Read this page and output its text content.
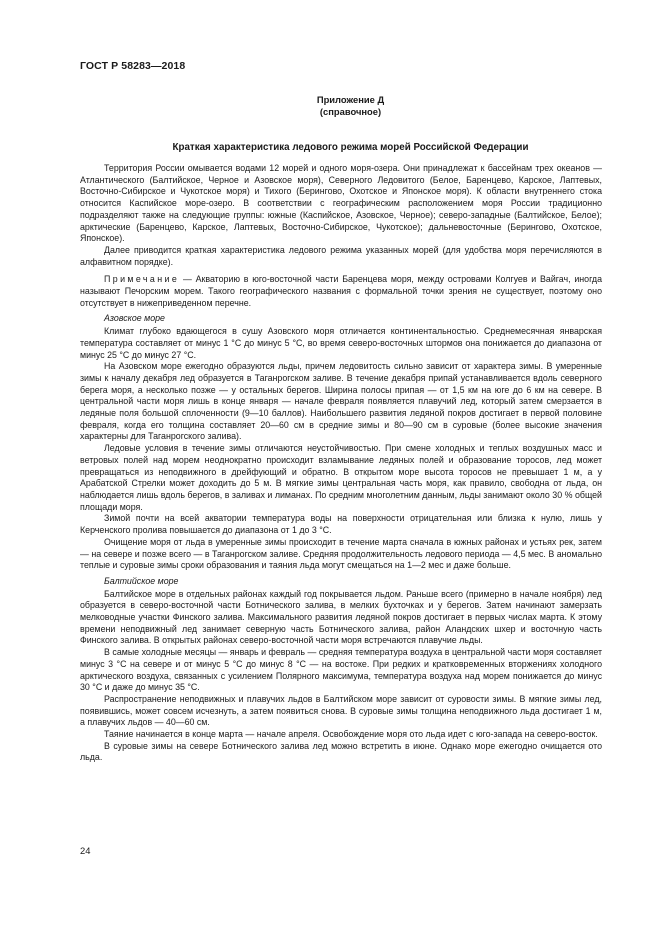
ГОСТ Р 58283—2018
Приложение Д
(справочное)
Краткая характеристика ледового режима морей Российской Федерации

Территория России омывается водами 12 морей и одного моря-озера. Они принадлежат к бассейнам трех океанов — Атлантического (Балтийское, Черное и Азовское моря), Северного Ледовитого (Белое, Баренцево, Карское, Лаптевых, Восточно-Сибирское и Чукотское моря) и Тихого (Берингово, Охотское и Японское моря). К области внутреннего стока относится Каспийское море-озеро. В соответствии с географическим расположением моря России традиционно подразделяют также на следующие группы: южные (Каспийское, Азовское, Черное); северо-западные (Балтийское, Белое); арктические (Баренцево, Карское, Лаптевых, Восточно-Сибирское, Чукотское); дальневосточные (Берингово, Охотское, Японское).

Далее приводится краткая характеристика ледового режима указанных морей (для удобства моря перечисляются в алфавитном порядке).

Примечание — Акваторию в юго-восточной части Баренцева моря, между островами Колгуев и Вайгач, иногда называют Печорским морем. Такого географического названия с формальной точки зрения не существует, поэтому оно отсутствует в нижеприведенном перечне.

Азовское море

Климат глубоко вдающегося в сушу Азовского моря отличается континентальностью. Среднемесячная январская температура составляет от минус 1 °С до минус 5 °С, во время северо-восточных штормов она понижается до диапазона от минус 25 °С до минус 27 °С.

На Азовском море ежегодно образуются льды, причем ледовитость сильно зависит от характера зимы. В умеренные зимы к началу декабря лед образуется в Таганрогском заливе. В течение декабря припай устанавливается вдоль северного берега моря, а несколько позже — у остальных берегов. Ширина полосы припая — от 1,5 км на юге до 6 км на севере. В центральной части моря лишь в конце января — начале февраля появляется плавучий лед, который затем смерзается в ледяные поля большой сплоченности (9—10 баллов). Наибольшего развития ледяной покров достигает в первой половине февраля, когда его толщина составляет 20—60 см в средние зимы и 80—90 см в суровые (более высокие значения характерны для Таганрогского залива).

Ледовые условия в течение зимы отличаются неустойчивостью. При смене холодных и теплых воздушных масс и ветровых полей над морем неоднократно происходит взламывание ледяных полей и образование торосов, лед может превращаться из неподвижного в дрейфующий и обратно. В открытом море высота торосов не превышает 1 м, а у Арабатской Стрелки может доходить до 5 м. В мягкие зимы центральная часть моря, как правило, свободна от льда, он наблюдается лишь вдоль берегов, в заливах и лиманах. По средним многолетним данным, льды занимают около 30 % общей площади моря.

Зимой почти на всей акватории температура воды на поверхности отрицательная или близка к нулю, лишь у Керченского пролива повышается до диапазона от 1 до 3 °С.

Очищение моря от льда в умеренные зимы происходит в течение марта сначала в южных районах и устьях рек, затем — на севере и позже всего — в Таганрогском заливе. Средняя продолжительность ледового периода — 4,5 мес. В аномально теплые и суровые зимы сроки образования и таяния льда могут смещаться на 1—2 мес и даже больше.

Балтийское море

Балтийское море в отдельных районах каждый год покрывается льдом. Раньше всего (примерно в начале ноября) лед образуется в северо-восточной части Ботнического залива, в мелких бухточках и у берегов. Затем начинают замерзать мелководные участки Финского залива. Максимального развития ледяной покров достигает в первых числах марта. К этому времени неподвижный лед занимает северную часть Ботнического залива, район Аландских шхер и восточную часть Финского залива. В открытых районах северо-восточной части моря встречаются плавучие льды.

В самые холодные месяцы — январь и февраль — средняя температура воздуха в центральной части моря составляет минус 3 °С на севере и от минус 5 °С до минус 8 °С — на востоке. При редких и кратковременных вторжениях холодного арктического воздуха, связанных с усилением Полярного максимума, температура воздуха над морем понижается до минус 30 °С и даже до минус 35 °С.

Распространение неподвижных и плавучих льдов в Балтийском море зависит от суровости зимы. В мягкие зимы лед, появившись, может совсем исчезнуть, а затем появиться снова. В суровые зимы толщина неподвижного льда достигает 1 м, а плавучих льдов — 40—60 см.

Таяние начинается в конце марта — начале апреля. Освобождение моря ото льда идет с юго-запада на северо-восток.

В суровые зимы на севере Ботнического залива лед можно встретить в июне. Однако море ежегодно очищается ото льда.

24
